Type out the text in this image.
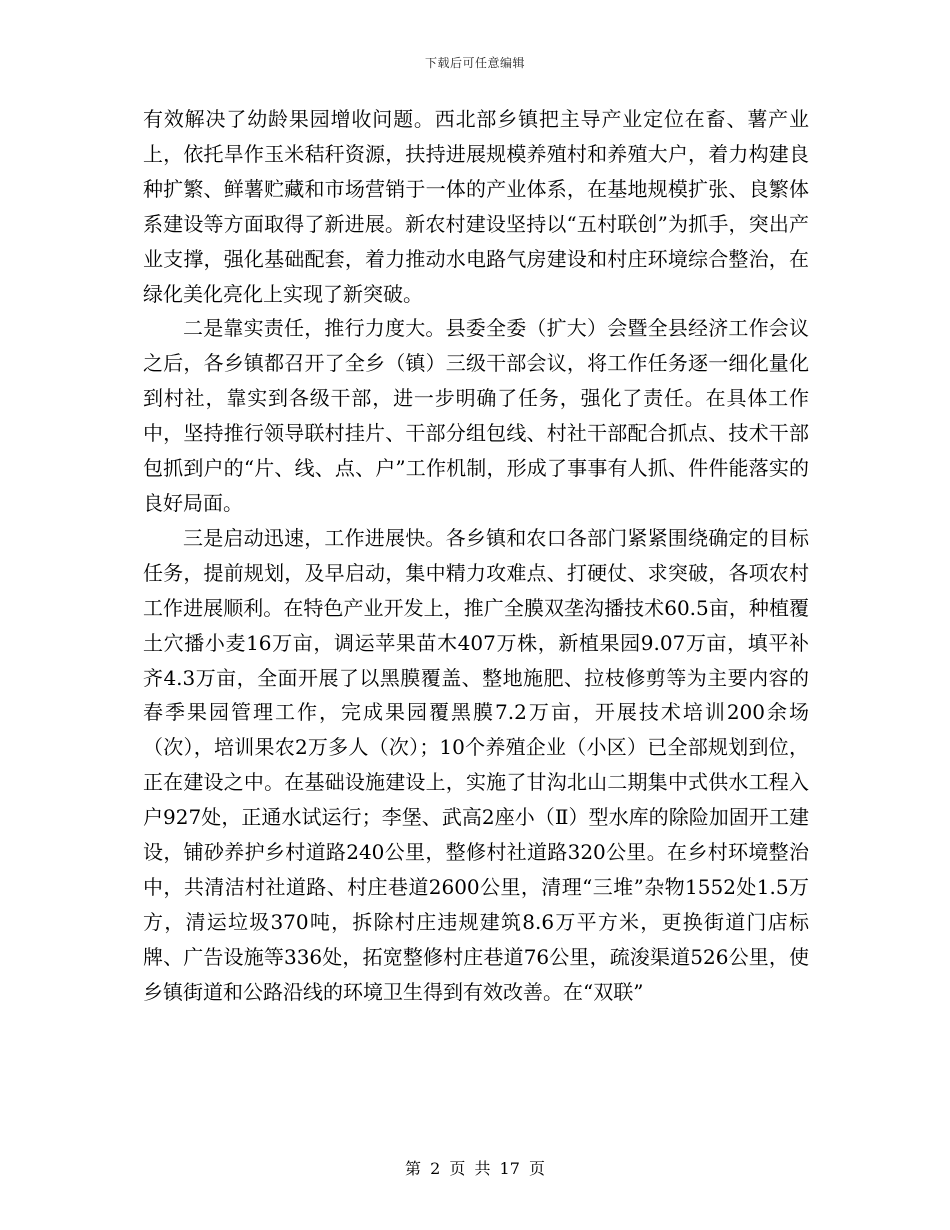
下载后可任意编辑

有效解决了幼龄果园增收问题。西北部乡镇把主导产业定位在畜、薯产业上，依托旱作玉米秸秆资源，扶持进展规模养殖村和养殖大户，着力构建良种扩繁、鲜薯贮藏和市场营销于一体的产业体系，在基地规模扩张、良繁体系建设等方面取得了新进展。新农村建设坚持以“五村联创”为抓手，突出产业支撑，强化基础配套，着力推动水电路气房建设和村庄环境综合整治，在绿化美化亮化上实现了新突破。

二是靠实责任，推行力度大。县委全委（扩大）会暨全县经济工作会议之后，各乡镇都召开了全乡（镇）三级干部会议，将工作任务逐一细化量化到村社，靠实到各级干部，进一步明确了任务，强化了责任。在具体工作中，坚持推行领导联村挂片、干部分组包线、村社干部配合抓点、技术干部包抓到户的“片、线、点、户”工作机制，形成了事事有人抓、件件能落实的良好局面。

三是启动迅速，工作进展快。各乡镇和农口各部门紧紧围绕确定的目标任务，提前规划，及早启动，集中精力攻难点、打硬仗、求突破，各项农村工作进展顺利。在特色产业开发上，推广全膜双垄沟播技术60.5亩，种植覆土穴播小麦16万亩，调运苹果苗木407万株，新植果园9.07万亩，填平补齐4.3万亩，全面开展了以黑膜覆盖、整地施肥、拉枝修剪等为主要内容的春季果园管理工作，完成果园覆黑膜7.2万亩，开展技术培训200余场（次），培训果农2万多人（次）；10个养殖企业（小区）已全部规划到位，正在建设之中。在基础设施建设上，实施了甘沟北山二期集中式供水工程入户927处，正通水试运行；李堡、武高2座小（Ⅱ）型水库的除险加固开工建设，铺砂养护乡村道路240公里，整修村社道路320公里。在乡村环境整治中，共清洁村社道路、村庄巷道2600公里，清理“三堆”杂物1552处1.5万方，清运垃圾370吨，拆除村庄违规建筑8.6万平方米，更换街道门店标牌、广告设施等336处，拓宽整修村庄巷道76公里，疏浚渠道526公里，使乡镇街道和公路沿线的环境卫生得到有效改善。在“双联”

第 2 页 共 17 页
